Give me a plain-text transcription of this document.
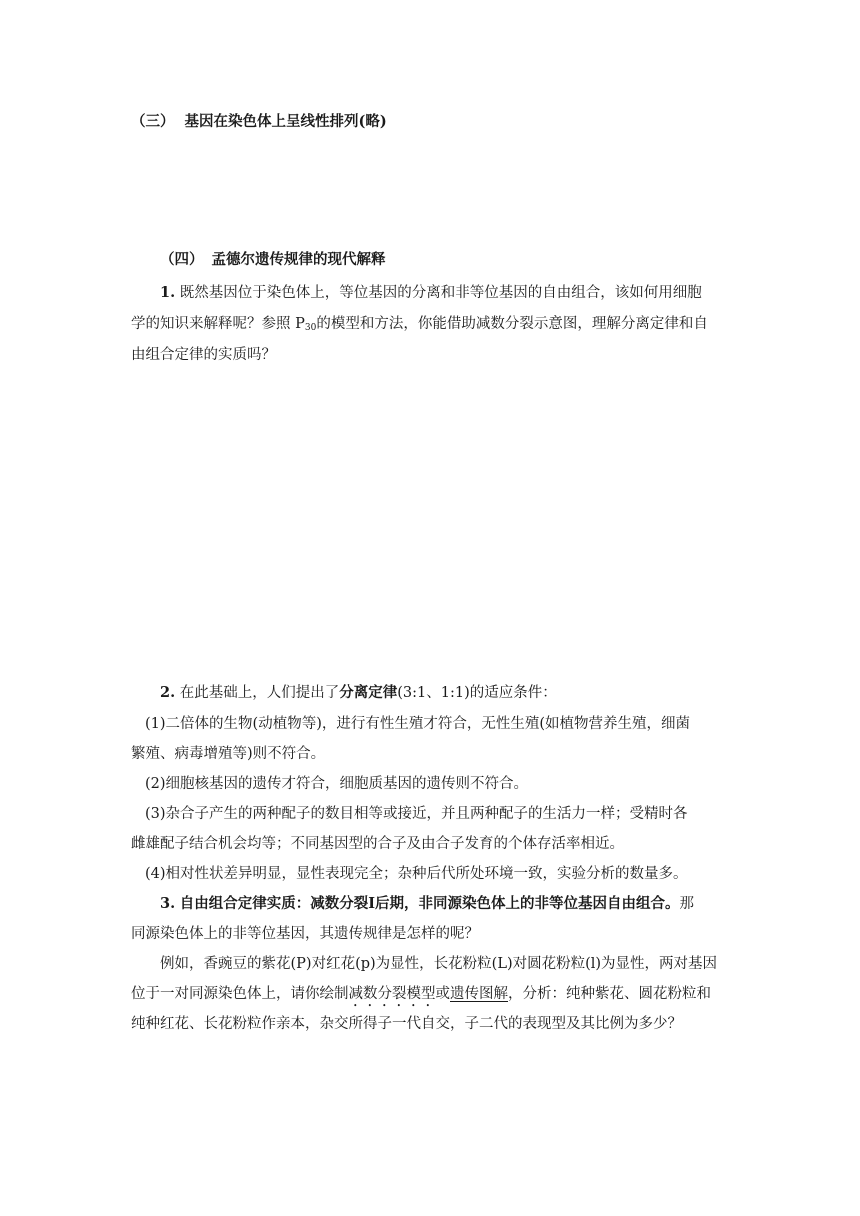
（三） 基因在染色体上呈线性排列(略)
（四） 孟德尔遗传规律的现代解释
1. 既然基因位于染色体上，等位基因的分离和非等位基因的自由组合，该如何用细胞
学的知识来解释呢？参照 $P_{30}$的模型和方法，你能借助减数分裂示意图，理解分离定律和自
由组合定律的实质吗？
2. 在此基础上，人们提出了分离定律(3:1、1:1)的适应条件：
(1)二倍体的生物(动植物等)，进行有性生殖才符合，无性生殖(如植物营养生殖，细菌
繁殖、病毒增殖等)则不符合。
(2)细胞核基因的遗传才符合，细胞质基因的遗传则不符合。
(3)杂合子产生的两种配子的数目相等或接近，并且两种配子的生活力一样；受精时各
雌雄配子结合机会均等；不同基因型的合子及由合子发育的个体存活率相近。
(4)相对性状差异明显，显性表现完全；杂种后代所处环境一致，实验分析的数量多。
3. 自由组合定律实质：减数分裂Ⅰ后期，非同源染色体上的非等位基因自由组合。那
同源染色体上的非等位基因，其遗传规律是怎样的呢？
例如，香豌豆的紫花(P)对红花(p)为显性，长花粉粒(L)对圆花粉粒(l)为显性，两对基因
位于一对同源染色体上，请你绘制减数分裂模型或遗传图解，分析：纯种紫花、圆花粉粒和
纯种红花、长花粉粒作亲本，杂交所得子一代自交，子二代的表现型及其比例为多少？
